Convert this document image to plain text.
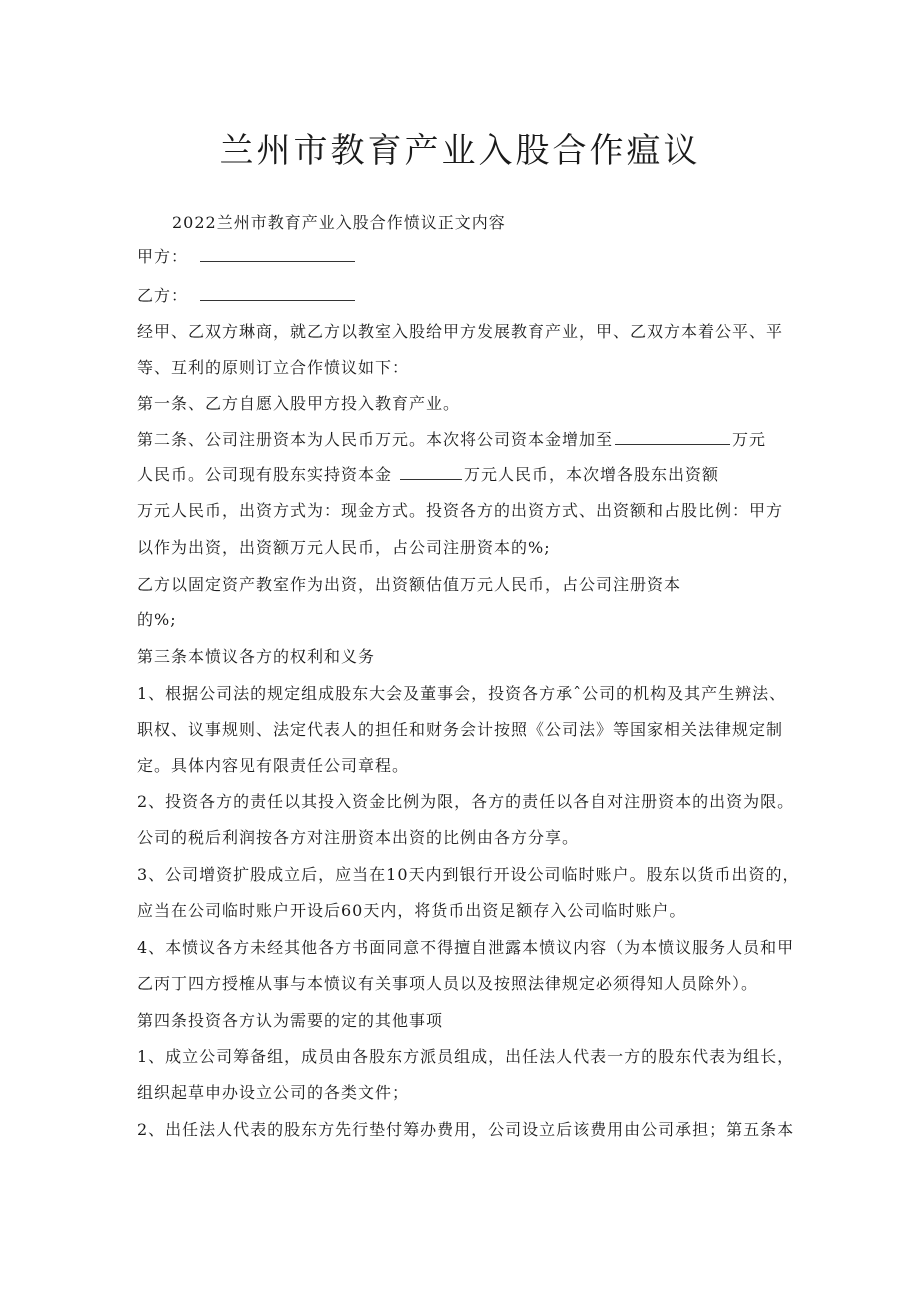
兰州市教育产业入股合作瘟议
2022兰州市教育产业入股合作愤议正文内容
甲方：
乙方：
经甲、乙双方琳商，就乙方以教室入股给甲方发展教育产业，甲、乙双方本着公平、平
等、互利的原则订立合作愤议如下：
第一条、乙方自愿入股甲方投入教育产业。
第二条、公司注册资本为人民币万元。本次将公司资本金增加至	万元
人民币。公司现有股东实持资本金	万元人民币，本次增各股东出资额
万元人民币，出资方式为：现金方式。投资各方的出资方式、出资额和占股比例：甲方
以作为出资，出资额万元人民币，占公司注册资本的%;
乙方以固定资产教室作为出资，出资额估值万元人民币，占公司注册资本
的%;
第三条本愤议各方的权利和义务
1、根据公司法的规定组成股东大会及董事会，投资各方承ˆ公司的机构及其产生辨法、
职权、议事规则、法定代表人的担任和财务会计按照《公司法》等国家相关法律规定制
定。具体内容见有限责任公司章程。
2、投资各方的责任以其投入资金比例为限，各方的责任以各自对注册资本的出资为限。
公司的税后利润按各方对注册资本出资的比例由各方分享。
3、公司增资扩股成立后，应当在10天内到银行开设公司临时账户。股东以货币出资的，
应当在公司临时账户开设后60天内，将货币出资足额存入公司临时账户。
4、本愤议各方未经其他各方书面同意不得擅自泄露本愤议内容（为本愤议服务人员和甲
乙丙丁四方授榷从事与本愤议有关事项人员以及按照法律规定必须得知人员除外）。
第四条投资各方认为需要的定的其他事项
1、成立公司筹备组，成员由各股东方派员组成，出任法人代表一方的股东代表为组长，
组织起草申办设立公司的各类文件；
2、出任法人代表的股东方先行垫付筹办费用，公司设立后该费用由公司承担；第五条本
